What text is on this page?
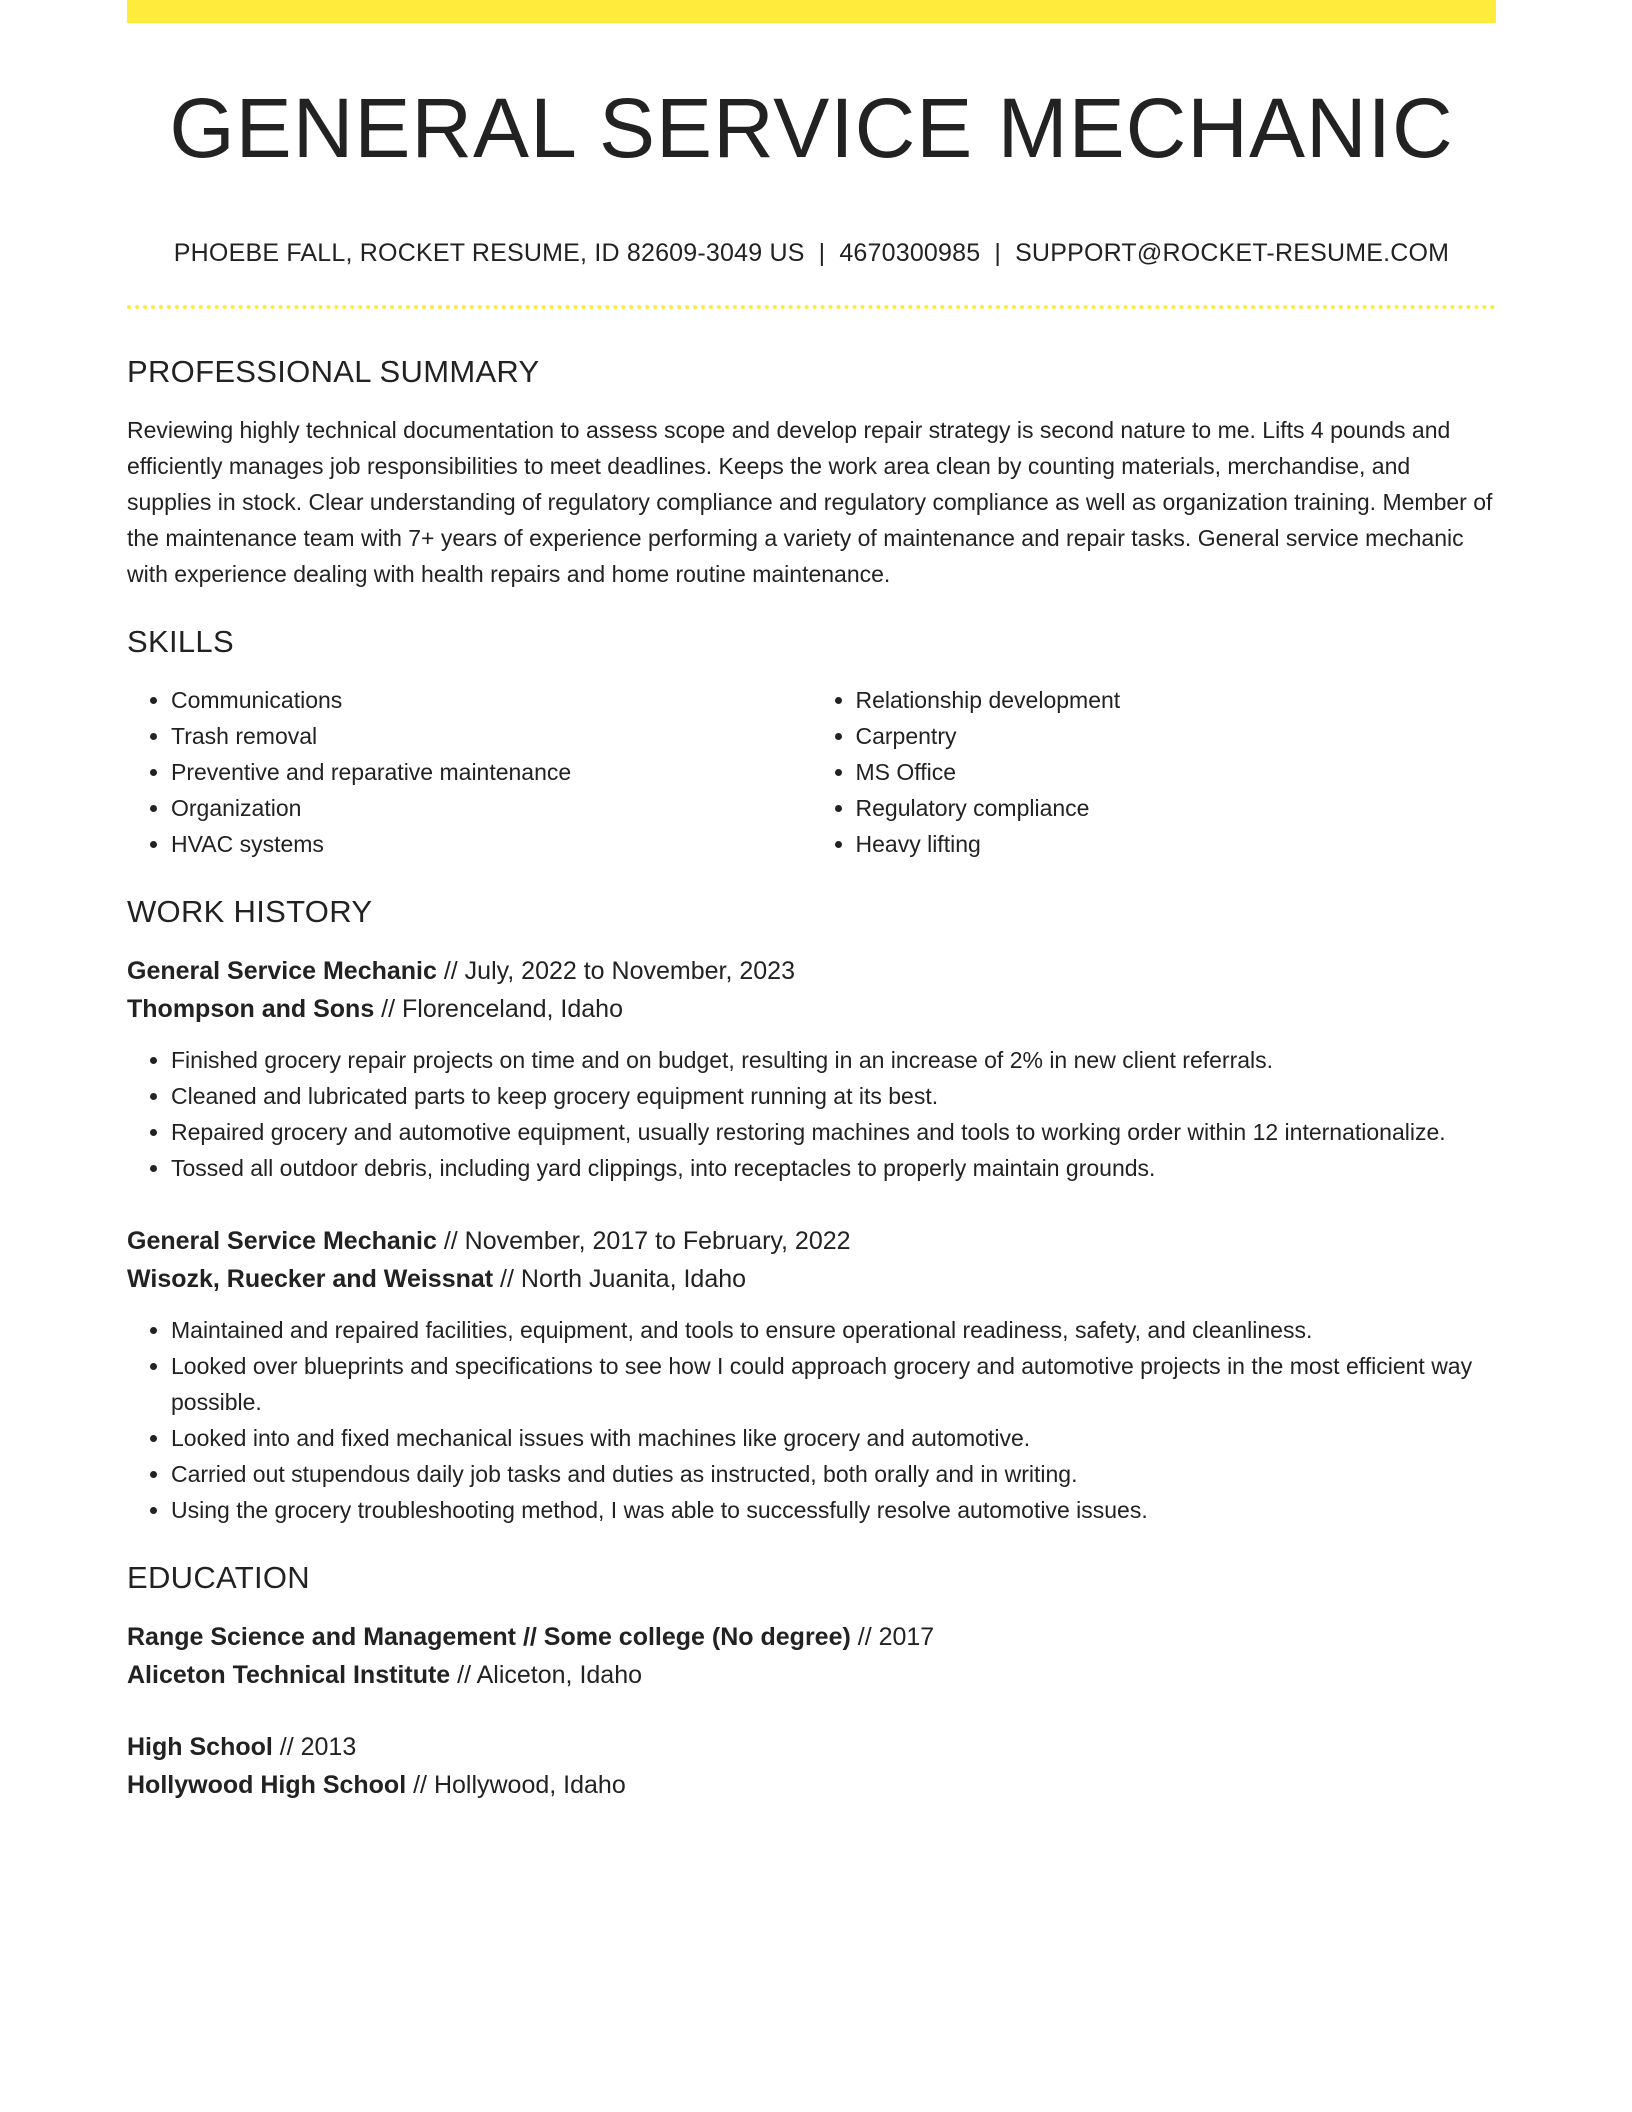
GENERAL SERVICE MECHANIC
PHOEBE FALL, ROCKET RESUME, ID 82609-3049 US | 4670300985 | SUPPORT@ROCKET-RESUME.COM
PROFESSIONAL SUMMARY

Reviewing highly technical documentation to assess scope and develop repair strategy is second nature to me. Lifts 4 pounds and efficiently manages job responsibilities to meet deadlines. Keeps the work area clean by counting materials, merchandise, and supplies in stock. Clear understanding of regulatory compliance and regulatory compliance as well as organization training. Member of the maintenance team with 7+ years of experience performing a variety of maintenance and repair tasks. General service mechanic with experience dealing with health repairs and home routine maintenance.

SKILLS
• Communications
• Trash removal
• Preventive and reparative maintenance
• Organization
• HVAC systems
• Relationship development
• Carpentry
• MS Office
• Regulatory compliance
• Heavy lifting
WORK HISTORY
General Service Mechanic // July, 2022 to November, 2023
Thompson and Sons // Florenceland, Idaho
• Finished grocery repair projects on time and on budget, resulting in an increase of 2% in new client referrals.
• Cleaned and lubricated parts to keep grocery equipment running at its best.
• Repaired grocery and automotive equipment, usually restoring machines and tools to working order within 12 internationalize.
• Tossed all outdoor debris, including yard clippings, into receptacles to properly maintain grounds.
General Service Mechanic // November, 2017 to February, 2022
Wisozk, Ruecker and Weissnat // North Juanita, Idaho
• Maintained and repaired facilities, equipment, and tools to ensure operational readiness, safety, and cleanliness.
• Looked over blueprints and specifications to see how I could approach grocery and automotive projects in the most efficient way possible.
• Looked into and fixed mechanical issues with machines like grocery and automotive.
• Carried out stupendous daily job tasks and duties as instructed, both orally and in writing.
• Using the grocery troubleshooting method, I was able to successfully resolve automotive issues.
EDUCATION
Range Science and Management // Some college (No degree) // 2017
Aliceton Technical Institute // Aliceton, Idaho
High School // 2013
Hollywood High School // Hollywood, Idaho
